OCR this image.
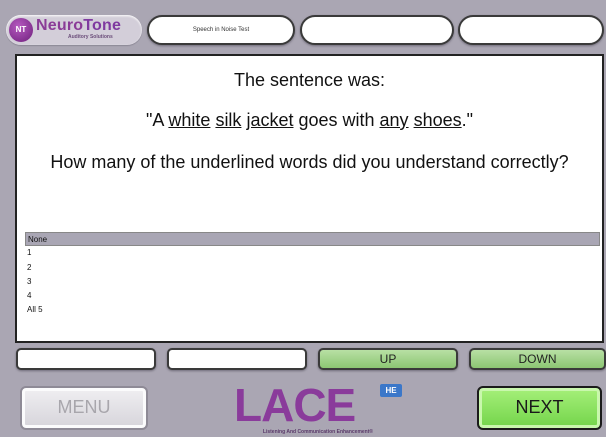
NT NeuroTone
Auditory Solutions
Speech in Noise Test
The sentence was:
"A white silk jacket goes with any shoes."
How many of the underlined words did you understand correctly?
None
1
2
3
4
All 5
UP	DOWN
MENU	LACE	HE
Listening And Communication Enhancement®
NEXT
